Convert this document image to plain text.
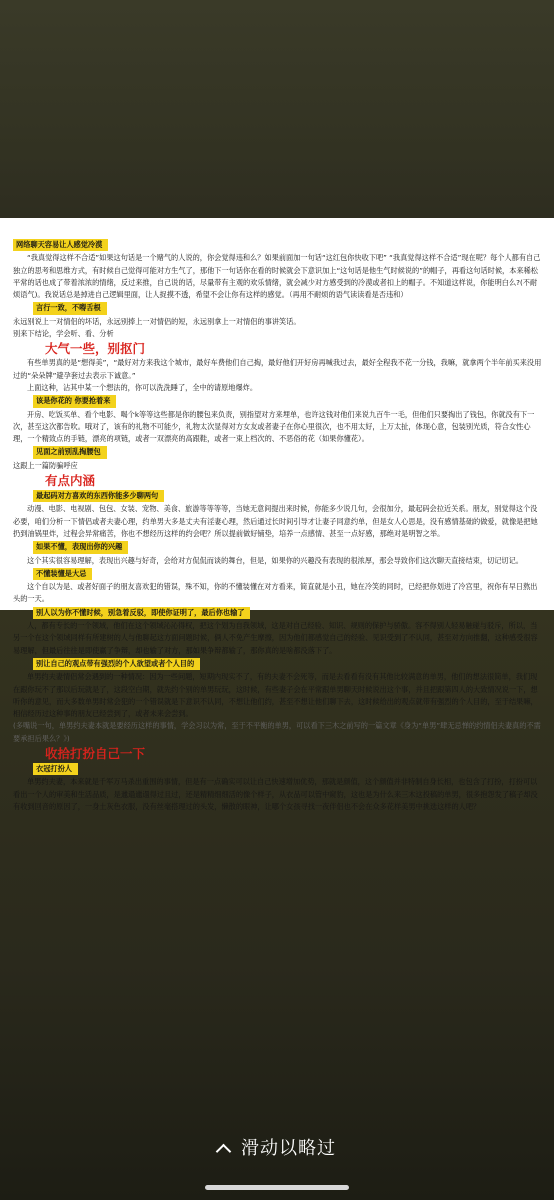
网络聊天容易让人感觉冷漠

“我真觉得这样不合适”如果这句话是一个赌气的人说的，你会觉得违和么？如果前面加一句话“这红包你快收下吧” “我真觉得这样不合适”现在呢？每个人都有自己独立的思考和思维方式，有时候自己觉得可能对方生气了，那他下一句话你在看的时候就会下意识加上“这句话是他生气时候说的”的帽子，再看这句话时候，本来稀松平常的话也成了带着浓浓的情绪，反过来推，自己说的话，尽量带有主观的欢乐情绪，就会减少对方感受到的冷漠或者扣上的帽子。不知道这样说，你能明白么?(不耐烦语气)。我说话总是掉进自己逻辑里面，让人捉摸不透，希望不会让你有这样的感觉。（再用不耐烦的语气读读看是否违和）

言行一致，不嘚舌根

永远别说上一对情侣的坏话，永远别捧上一对情侣的短，永远别拿上一对情侣的事讲笑话。

别来下结论，学会听、看、分析

大气一些，别抠门

有些单男真的是“想得美”，“最好对方来我这个城市，最好车费他们自己掏，最好他们开好房再喊我过去，最好全程我不花一分钱，我嘛，就拿两个半年前买来没用过的“朵朵牌”避孕套过去表示下诚意。”

上面这种，沾其中某一个想法的，你可以洗洗睡了，全中的请原地爆炸。

该是你花的 你要抢着来

开房、吃饭买单、看个电影、喝个k等等这些都是你的腰包来负责，别指望对方来埋单，也许这钱对他们来说九百牛一毛，但他们只要掏出了钱包，你就没有下一次，甚至这次都告吹。哦对了，该有的礼物不可能少，礼物太次显得对方女友或者妻子在你心里很次，也不用太好，上万太扯，体现心意，包装别光质，符合女性心理，一个精致点的手链，漂亮的项链，或者一双漂亮的高跟鞋，或者一束上档次的、不恶俗的花（如果你懂花）。

见面之前别乱掏腰包

这跟上一篇防骗呼应

有点内涵
最起码对方喜欢的东西你能多少聊两句

动漫、电影、电视剧、包包、女装、宠物、美食、旅游等等等等，当她无意间提出来时候，你能多少说几句，会很加分，最起码会拉近关系。朋友，别觉得这个没必要，咱们分析一下情侣或者夫妻心理，约单男大多是丈夫有淫妻心理，然后通过长时间引导才让妻子同意约单，但是女人心思是，没有感情基础的做爱，就像是把她扔到油锅里炸，过程会异常痛苦，你也不想经历这样的约会吧？所以提前做好铺垫，培养一点感情、甚至一点好感，那绝对是明智之举。

如果不懂，表现出你的兴趣

这个其实很容易理解，表现出兴趣与好奇，会给对方侃侃而谈的舞台，但是，如果你的兴趣没有表现的很浓厚，那会导致你们这次聊天直接结束，切记切记。

不懂装懂是大忌

这个自以为是、或者好面子的朋友喜欢犯的错误，殊不知，你的不懂装懂在对方看来，简直就是小丑，她在冷笑的同时，已经把你划进了冷宫里，祝你有早日熬出头的一天。

别人以为你不懂时候，别急着反驳，即使你证明了，最后你也输了

人，都有专长的一个领域，他们在这个领域沁沁得权，把这个划为自我领域，这是对自己经验、知识、规则的保护与骄傲。容不得别人轻易触碰与驳斥，所以，当另一个在这个领域同样有所建树的人与他聊起这方面问题时候，俩人不免产生摩擦，因为他们都感觉自己的经验、见识受到了不认同，甚至对方向推翻，这种感受很容易理解，但最后往往是即使赢了争辩，却也输了对方，那如果争辩都输了，那你真的是啥都没落下了。

别让自己的观点带有强烈的个人欲望或者个人目的

单男约夫妻情侣常会遇到的一种情况：因为一些问题，短期内现实不了，有的夫妻不会死等，而是去看看有没有其他比较满意的单男，他们的想法很简单，我们现在跟你玩不了那以后玩就是了，这段空白期，就先约个别的单男玩玩，这时候，有些妻子会在平常跟单男聊天时候说出这个事，并且把跟第四人的大致情况说一下，想听你的意见，而大多数单男时常会犯的一个错误就是下意识不认同，不想让他们约，甚至不想让他们聊下去，这时候给出的观点就带有强烈的个人目的，至于结果嘛，相信经历过这种事的朋友已经尝到了，或者未来会尝到。

(多嘴说一句，单男约夫妻本就是要经历这样的事情，学会习以为常，至于不平衡的单男，可以看下三木之前写的一篇文章《身为“单男”肆无忌惮的约情侣夫妻真的不需要承担后果么？》)

收拾打扮自己一下
衣冠打扮人

单男约夫妻，本来就是千军万马杀出重围的事情，但是有一点确实可以让自己快速增加优势，那就是颜值，这个颜值并非特制自身长相，也包含了打扮，打扮可以看出一个人的审美和生活品质，是邋遢邋遢得过且过，还是精精细细活的像个样子，从衣品可以管中窥豹，这也是为什么来三木这投稿的单男，很多抱怨发了稿子却没有收到回音的原因了，一身土灰色衣服，没有丝毫搭理过的头发，懒散的眼神，让哪个女孩寻找一夜伴侣也不会在众多花样美男中挑选这样的人吧？

滑动以略过
